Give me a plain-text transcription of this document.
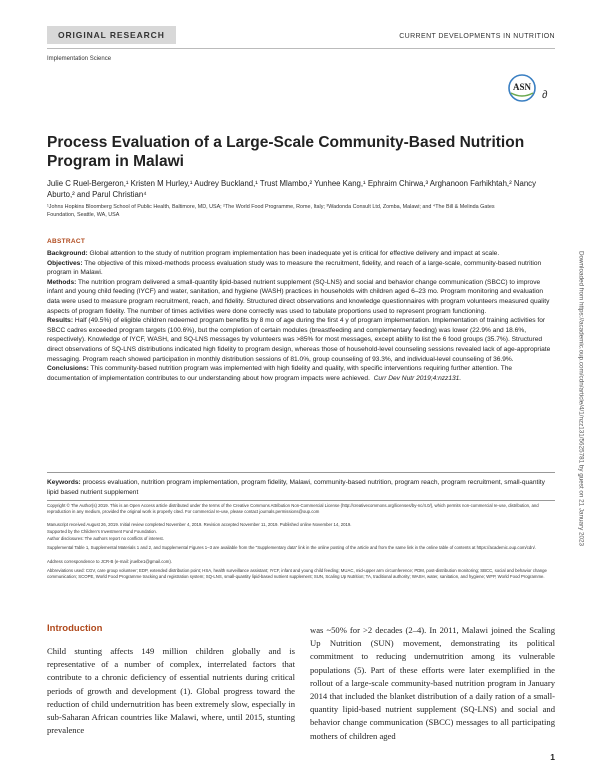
ORIGINAL RESEARCH	CURRENT DEVELOPMENTS IN NUTRITION
Implementation Science
ASN
∂
Process Evaluation of a Large-Scale Community-Based Nutrition Program in Malawi
Julie C Ruel-Bergeron,¹ Kristen M Hurley,¹ Audrey Buckland,¹ Trust Mlambo,² Yunhee Kang,¹ Ephraim Chirwa,³ Arghanoon Farhikhtah,² Nancy Aburto,² and Parul Christian⁴
¹Johns Hopkins Bloomberg School of Public Health, Baltimore, MD, USA; ²The World Food Programme, Rome, Italy; ³Wadonda Consult Ltd, Zomba, Malawi; and ⁴The Bill & Melinda Gates Foundation, Seattle, WA, USA
ABSTRACT

Background: Global attention to the study of nutrition program implementation has been inadequate yet is critical for effective delivery and impact at scale.

Objectives: The objective of this mixed-methods process evaluation study was to measure the recruitment, fidelity, and reach of a large-scale, community-based nutrition program in Malawi.

Methods: The nutrition program delivered a small-quantity lipid-based nutrient supplement (SQ-LNS) and social and behavior change communication (SBCC) to improve infant and young child feeding (IYCF) and water, sanitation, and hygiene (WASH) practices in households with children aged 6–23 mo. Program monitoring and evaluation data were used to measure program recruitment, reach, and fidelity. Structured direct observations and knowledge questionnaires with program volunteers measured quality aspects of program fidelity. The number of times activities were done correctly was used to tabulate proportions used to represent program functioning.

Results: Half (49.5%) of eligible children redeemed program benefits by 8 mo of age during the first 4 y of program implementation. Implementation of training activities for SBCC cadres exceeded program targets (100.6%), but the completion of certain modules (breastfeeding and complementary feeding) was lower (22.9% and 18.6%, respectively). Knowledge of IYCF, WASH, and SQ-LNS messages by volunteers was >85% for most messages, except ability to list the 6 food groups (35.7%). Structured direct observations of SQ-LNS distributions indicated high fidelity to program design, whereas those of household-level counseling sessions revealed lack of age-appropriate messaging. Program reach showed participation in monthly distribution sessions of 81.0%, group counseling of 93.3%, and individual-level counseling of 36.9%.

Conclusions: This community-based nutrition program was implemented with high fidelity and quality, with specific interventions requiring further attention. The documentation of implementation contributes to our understanding about how program impacts were achieved. Curr Dev Nutr 2019;4:nzz131.

Keywords: process evaluation, nutrition program implementation, program fidelity, Malawi, community-based nutrition, program reach, program recruitment, small-quantity lipid based nutrient supplement
Copyright © The Author(s) 2019. This is an Open Access article distributed under the terms of the Creative Commons Attribution Non-Commercial License (http://creativecommons.org/licenses/by-nc/4.0/), which permits non-commercial re-use, distribution, and reproduction in any medium, provided the original work is properly cited. For commercial re-use, please contact journals.permissions@oup.com
Manuscript received August 26, 2019. Initial review completed November 4, 2019. Revision accepted November 11, 2019. Published online November 14, 2019.
Supported by the Children's Investment Fund Foundation.
Author disclosures: The authors report no conflicts of interest.
Supplemental Table 1, Supplemental Materials 1 and 2, and Supplemental Figures 1–3 are available from the "Supplementary data" link in the online posting of the article and from the same link in the online table of contents at https://academic.oup.com/cdn/.
Address correspondence to JCR-B (e-mail: jruelbe1@gmail.com).
Abbreviations used: CGV, care group volunteer; EDP, extended distribution point; HSA, health surveillance assistant; IYCF, infant and young child feeding; MUAC, mid-upper arm circumference; PDM, post-distribution monitoring; SBCC, social and behavior change communication; SCOPE, World Food Programme tracking and registration system; SQ-LNS, small-quantity lipid-based nutrient supplement; SUN, Scaling Up Nutrition; TA, traditional authority; WASH, water, sanitation, and hygiene; WFP, World Food Programme.
Downloaded from https://academic.oup.com/cdn/article/4/1/nzz131/5625781 by guest on 21 January 2023
Introduction

Child stunting affects 149 million children globally and is representative of a number of complex, interrelated factors that contribute to a chronic deficiency of essential nutrients during critical periods of growth and development (1). Global progress toward the reduction of child undernutrition has been extremely slow, especially in sub-Saharan African countries like Malawi, where, until 2015, stunting prevalence

was ~50% for >2 decades (2–4). In 2011, Malawi joined the Scaling Up Nutrition (SUN) movement, demonstrating its political commitment to reducing undernutrition among its vulnerable populations (5). Part of these efforts were later exemplified in the rollout of a large-scale community-based nutrition program in January 2014 that included the blanket distribution of a daily ration of a small-quantity lipid-based nutrient supplement (SQ-LNS) and social and behavior change communication (SBCC) messages to all participating mothers of children aged

1
